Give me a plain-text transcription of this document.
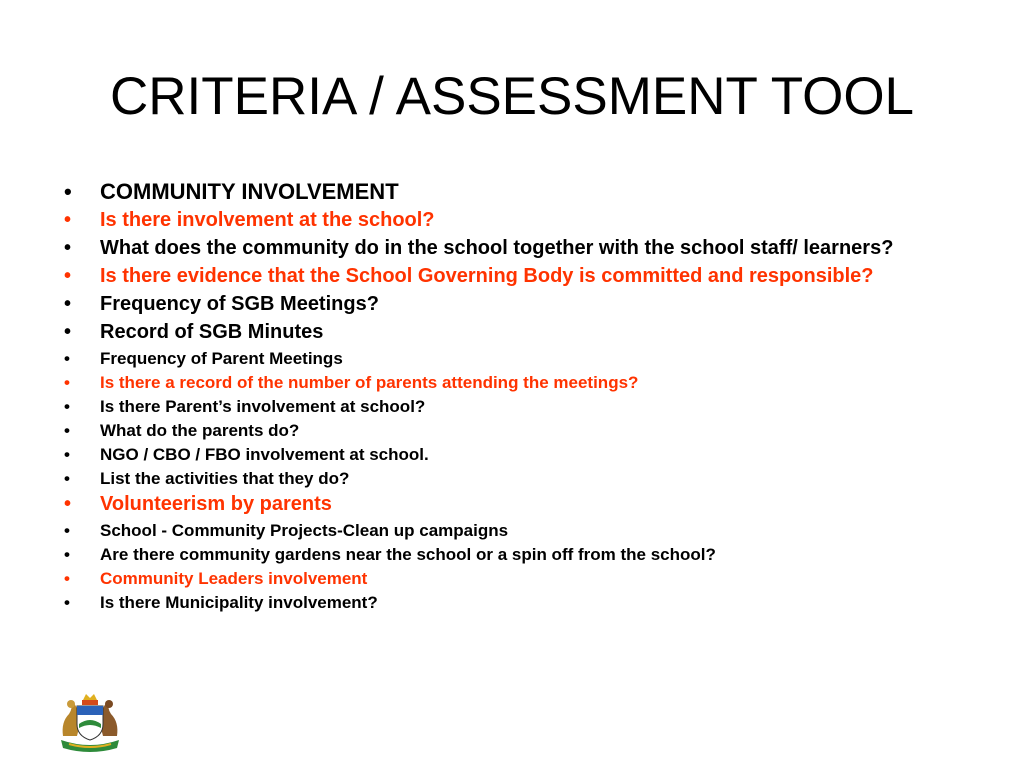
CRITERIA / ASSESSMENT TOOL
•	COMMUNITY INVOLVEMENT
•	Is there involvement at the school?
•	What does the community do in the school together with the school staff/ learners?
•	Is there evidence that the School Governing Body is committed and responsible?
•	Frequency of SGB Meetings?
•	Record of SGB Minutes
•	Frequency of Parent Meetings
•	Is there a record of the number of parents attending the meetings?
•	Is there Parent’s involvement at school?
•	What do the parents do?
•	NGO / CBO / FBO involvement at school.
•	List the activities that they do?
•	Volunteerism by parents
•	School - Community Projects-Clean up campaigns
•	Are there community gardens near the school or a spin off from the school?
•	Community Leaders involvement
•	Is there Municipality involvement?
